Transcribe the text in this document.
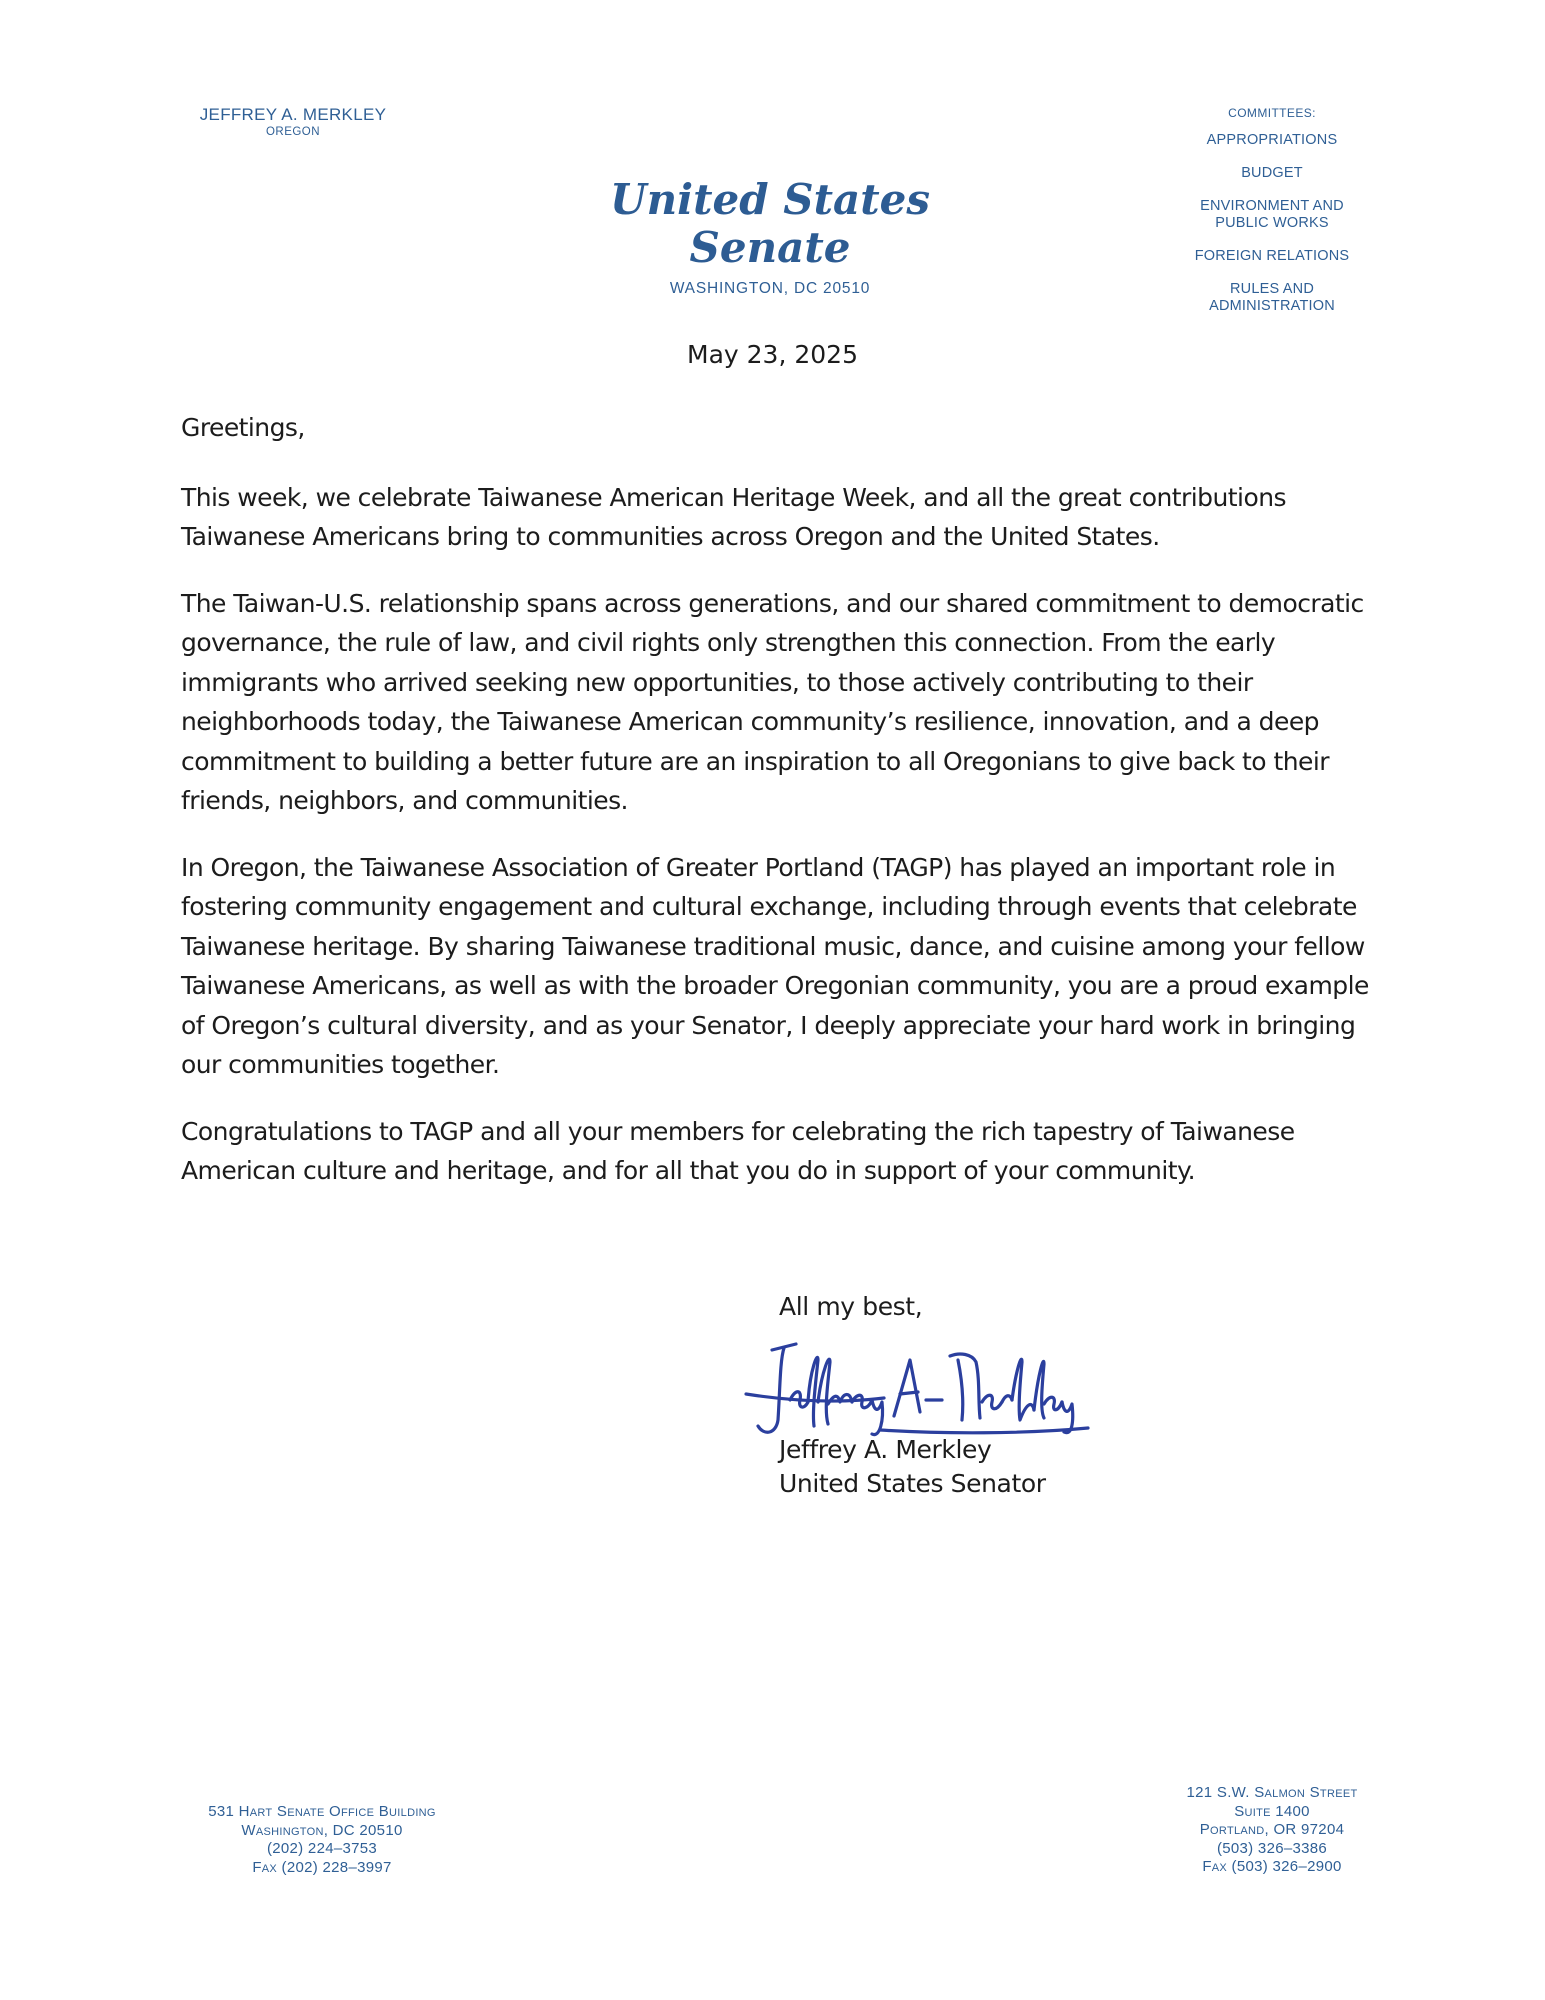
JEFFREY A. MERKLEY
OREGON
United States Senate
WASHINGTON, DC 20510
COMMITTEES:
APPROPRIATIONS
BUDGET
ENVIRONMENT AND
PUBLIC WORKS
FOREIGN RELATIONS
RULES AND
ADMINISTRATION
May 23, 2025

Greetings,

This week, we celebrate Taiwanese American Heritage Week, and all the great contributions Taiwanese Americans bring to communities across Oregon and the United States.

The Taiwan-U.S. relationship spans across generations, and our shared commitment to democratic governance, the rule of law, and civil rights only strengthen this connection. From the early immigrants who arrived seeking new opportunities, to those actively contributing to their neighborhoods today, the Taiwanese American community’s resilience, innovation, and a deep commitment to building a better future are an inspiration to all Oregonians to give back to their friends, neighbors, and communities.

In Oregon, the Taiwanese Association of Greater Portland (TAGP) has played an important role in fostering community engagement and cultural exchange, including through events that celebrate Taiwanese heritage. By sharing Taiwanese traditional music, dance, and cuisine among your fellow Taiwanese Americans, as well as with the broader Oregonian community, you are a proud example of Oregon’s cultural diversity, and as your Senator, I deeply appreciate your hard work in bringing our communities together.

Congratulations to TAGP and all your members for celebrating the rich tapestry of Taiwanese American culture and heritage, and for all that you do in support of your community.

All my best,
Jeffrey A. Merkley
United States Senator
531 Hart Senate Office Building
Washington, DC 20510
(202) 224–3753
Fax (202) 228–3997
121 S.W. Salmon Street
Suite 1400
Portland, OR 97204
(503) 326–3386
Fax (503) 326–2900
